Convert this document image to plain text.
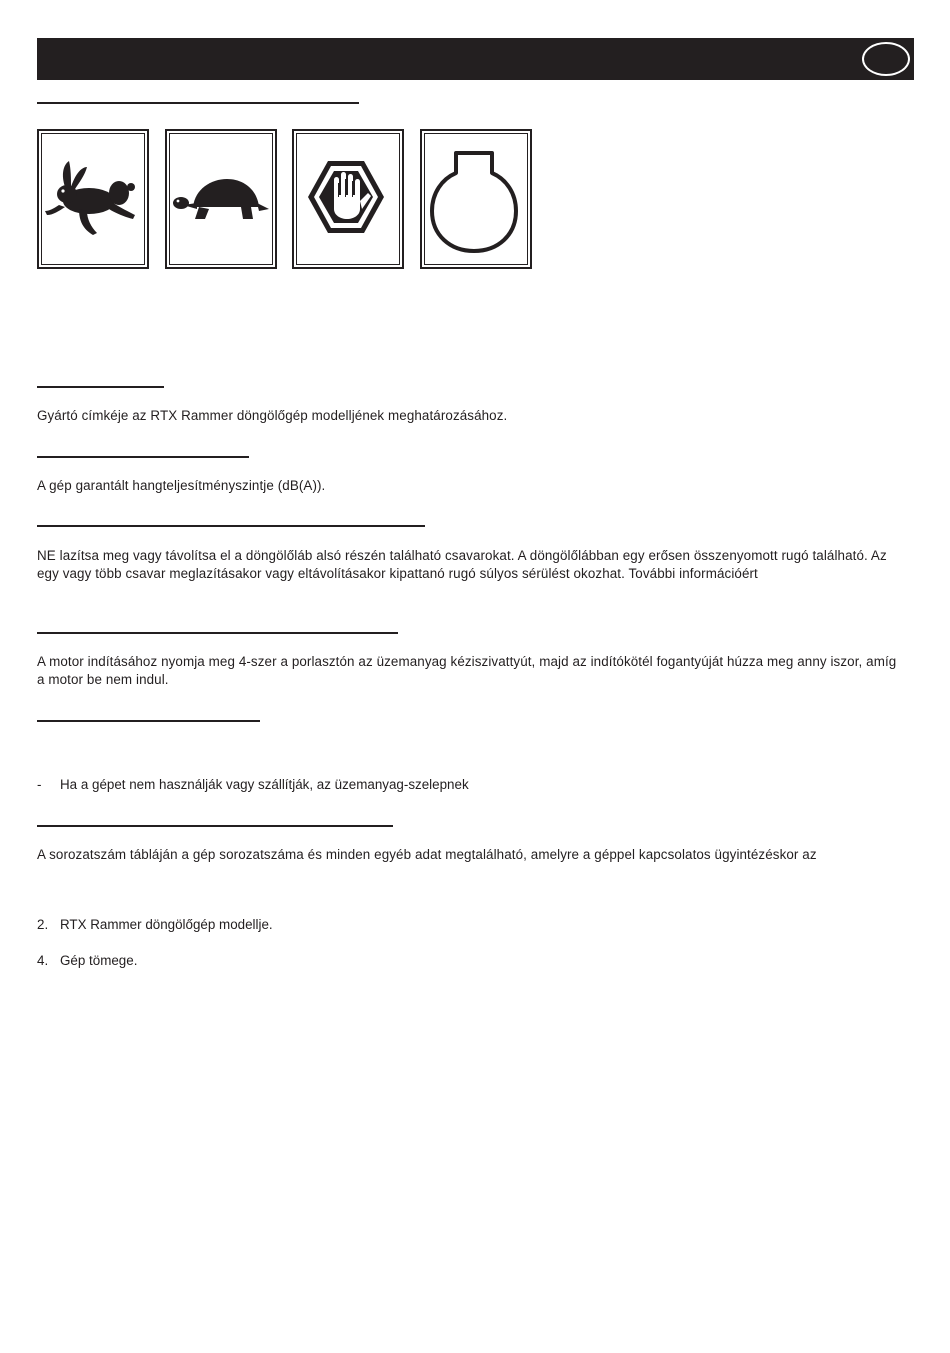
Gyártó címkéje az RTX Rammer döngölőgép modelljének meghatározásához.
A gép garantált hangteljesítményszintje (dB(A)).
NE lazítsa meg vagy távolítsa el a döngölőláb alsó részén található csavarokat. A döngölőlábban egy erősen összenyomott rugó található. Az egy vagy több csavar meglazításakor vagy eltávolításakor kipattanó rugó súlyos sérülést okozhat. További információért
A motor indításához nyomja meg 4-szer a porlasztón az üzemanyag kéziszivattyút, majd az indítókötél fogantyúját húzza meg anny iszor, amíg a motor be nem indul.
- Ha a gépet nem használják vagy szállítják, az üzemanyag-szelepnek
A sorozatszám tábláján a gép sorozatszáma és minden egyéb adat megtalálható, amelyre a géppel kapcsolatos ügyintézéskor az
2. RTX Rammer döngölőgép modellje.
4. Gép tömege.
